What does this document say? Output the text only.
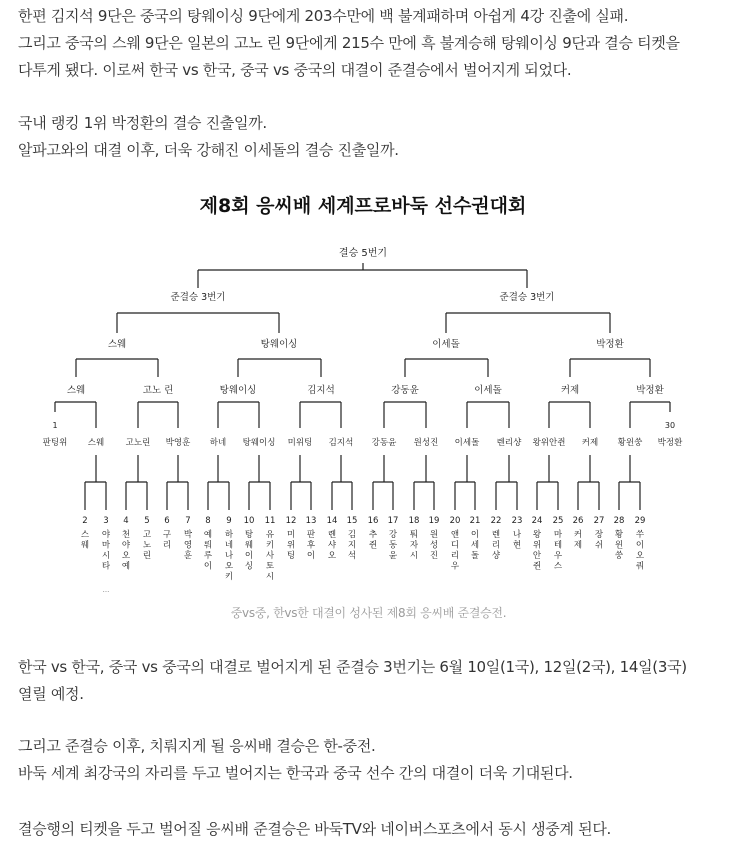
한편 김지석 9단은 중국의 탕웨이싱 9단에게 203수만에 백 불계패하며 아쉽게 4강 진출에 실패.

그리고 중국의 스웨 9단은 일본의 고노 린 9단에게 215수 만에 흑 불계승해 탕웨이싱 9단과 결승 티켓을

다투게 됐다. 이로써 한국 vs 한국, 중국 vs 중국의 대결이 준결승에서 벌어지게 되었다.

국내 랭킹 1위 박정환의 결승 진출일까.

알파고와의 대결 이후, 더욱 강해진 이세돌의 결승 진출일까.

제8회 응씨배 세계프로바둑 선수권대회
결승 5번기
준결승 3번기	준결승 3번기
스웨	탕웨이싱	이세돌	박정환
스웨	고노 린	탕웨이싱	김지석	강동윤	이세돌	커제	박정환
1	30
판팅위 스웨	고노린 박영훈 하네 탕웨이싱 미위팅 김지석 강동윤 원성진 이세돌 렌리샹 왕위안쥔 커제 황윈쑹 박정환
2 3 4 5 6 7 8 9 10 11 12 13 14 15 16 17 18 19 20 21 22 23 24 25 26 27 28 29
스
웨
야
마
시
타
천
야
오
예
고
노
린
구
리
박
영
훈
예
뤄
루
이
하
네
나
오
키
탕
웨
이
싱
유
키
사
토
시
미
위
팅
판
후
이
롄
샤
오
김
지
석
추
쥔
강
동
윤
퉈
자
시
원
성
진
앤
디
리
우
이
세
돌
렌
리
샹
나
현
왕
위
안
쥔
마
테
우
스
커
제
장
쉬
황
윈
쑹
쑤
이
오
쿼
...
중vs중, 한vs한 대결이 성사된 제8회 응씨배 준결승전.

한국 vs 한국, 중국 vs 중국의 대결로 벌어지게 된 준결승 3번기는 6월 10일(1국), 12일(2국), 14일(3국)

열릴 예정.

그리고 준결승 이후, 치뤄지게 될 응씨배 결승은 한-중전.

바둑 세계 최강국의 자리를 두고 벌어지는 한국과 중국 선수 간의 대결이 더욱 기대된다.

결승행의 티켓을 두고 벌어질 응씨배 준결승은 바둑TV와 네이버스포츠에서 동시 생중계 된다.
